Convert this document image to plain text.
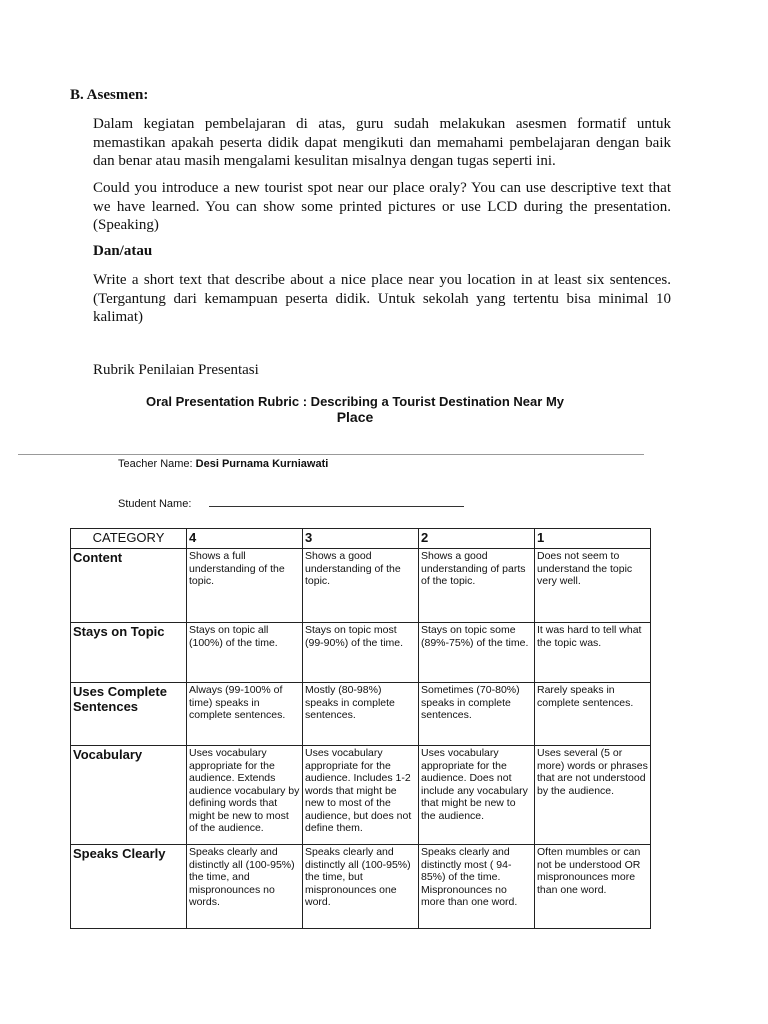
B. Asesmen:

Dalam kegiatan pembelajaran di atas, guru sudah melakukan asesmen formatif untuk memastikan apakah peserta didik dapat mengikuti dan memahami pembelajaran dengan baik dan benar atau masih mengalami kesulitan misalnya dengan tugas seperti ini.

Could you introduce a new tourist spot near our place oraly? You can use descriptive text that we have learned. You can show some printed pictures or use LCD during the presentation. (Speaking)

Dan/atau

Write a short text that describe about a nice place near you location in at least six sentences. (Tergantung dari kemampuan peserta didik. Untuk sekolah yang tertentu bisa minimal 10 kalimat)

Rubrik Penilaian Presentasi
Oral Presentation Rubric : Describing a Tourist Destination Near My
Place
Teacher Name: Desi Purnama Kurniawati
Student Name:
CATEGORY	4	3	2	1
Content	Shows a full understanding of the topic.	Shows a good understanding of the topic.	Shows a good understanding of parts of the topic.	Does not seem to understand the topic very well.
Stays on Topic	Stays on topic all (100%) of the time.	Stays on topic most (99-90%) of the time.	Stays on topic some (89%-75%) of the time.	It was hard to tell what the topic was.
Uses Complete Sentences	Always (99-100% of time) speaks in complete sentences.	Mostly (80-98%) speaks in complete sentences.	Sometimes (70-80%) speaks in complete sentences.	Rarely speaks in complete sentences.
Vocabulary	Uses vocabulary appropriate for the audience. Extends audience vocabulary by defining words that might be new to most of the audience.	Uses vocabulary appropriate for the audience. Includes 1-2 words that might be new to most of the audience, but does not define them.	Uses vocabulary appropriate for the audience. Does not include any vocabulary that might be new to the audience.	Uses several (5 or more) words or phrases that are not understood by the audience.
Speaks Clearly	Speaks clearly and distinctly all (100-95%) the time, and mispronounces no words.	Speaks clearly and distinctly all (100-95%) the time, but mispronounces one word.	Speaks clearly and distinctly most ( 94-85%) of the time. Mispronounces no more than one word.	Often mumbles or can not be understood OR mispronounces more than one word.
